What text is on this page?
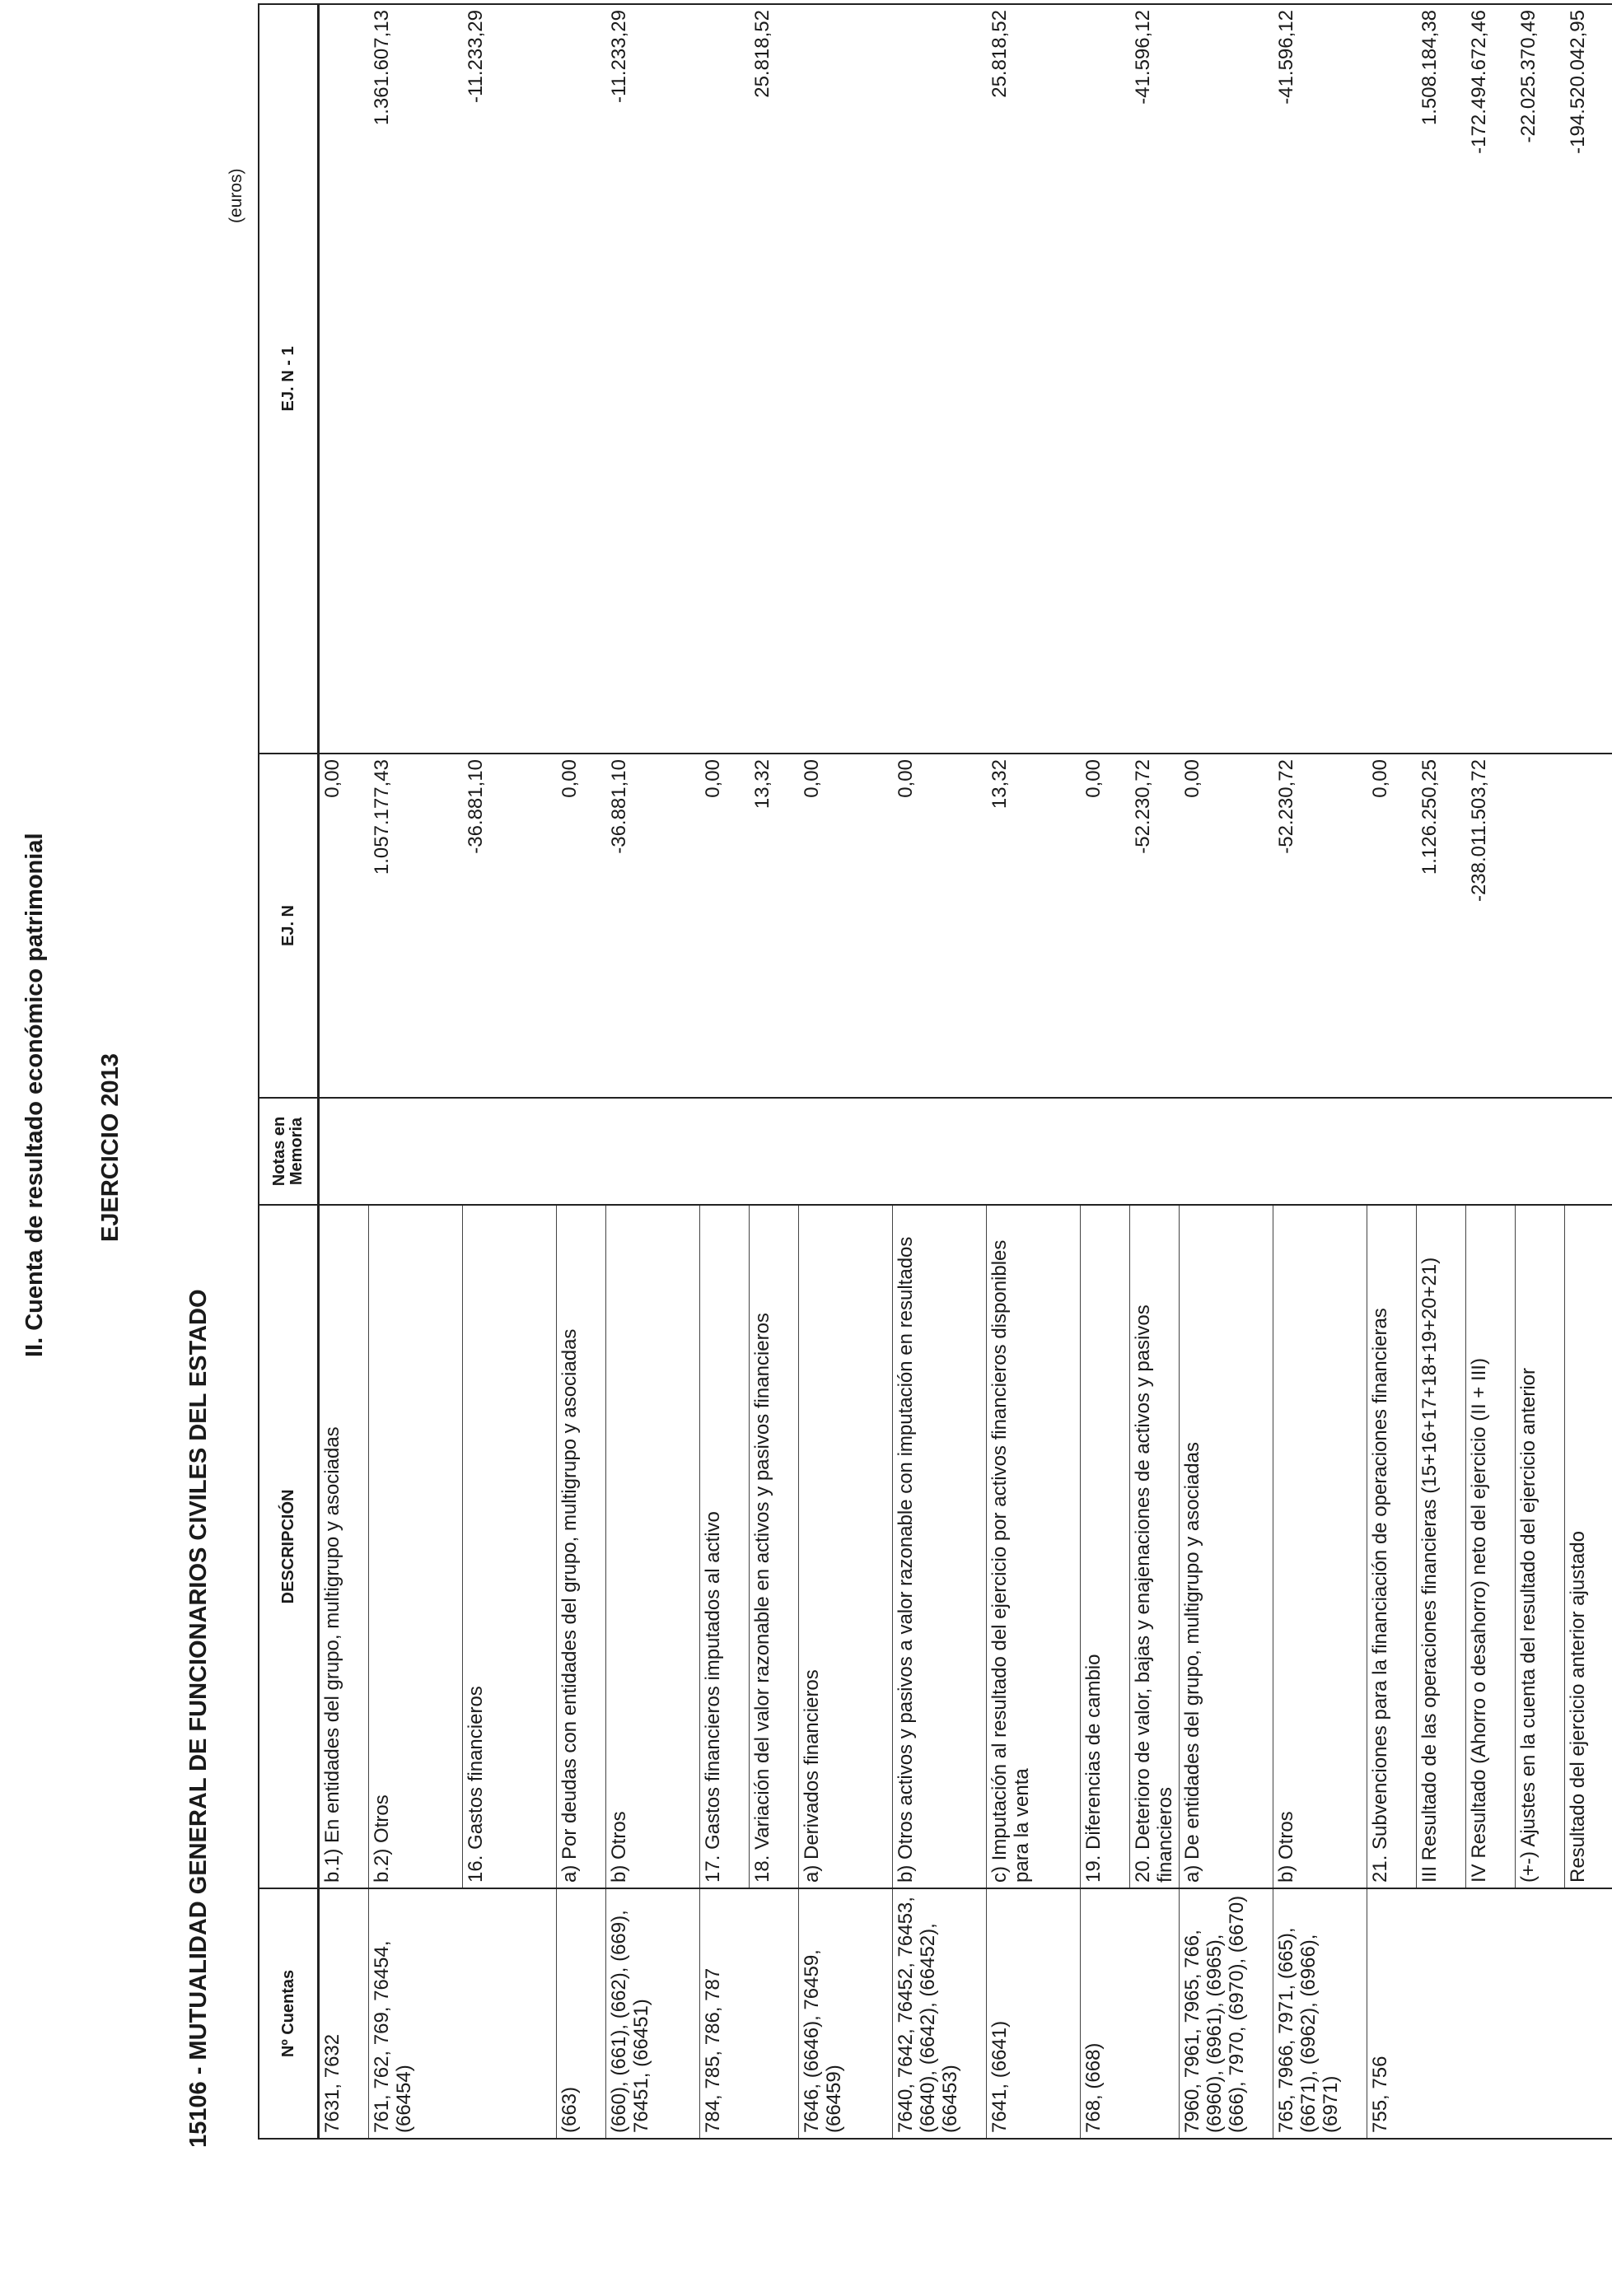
II. Cuenta de resultado económico patrimonial EJERCICIO 2013
15106 - MUTUALIDAD GENERAL DE FUNCIONARIOS CIVILES DEL ESTADO
(euros)
Nº Cuentas	DESCRIPCIÓN	Notas en Memoria	EJ. N	EJ. N - 1
7631, 7632	b.1) En entidades del grupo, multigrupo y asociadas		0,00	
761, 762, 769, 76454, (66454)	b.2) Otros		1.057.177,43	1.361.607,13
	16. Gastos financieros		-36.881,10	-11.233,29
(663)	a) Por deudas con entidades del grupo, multigrupo y asociadas		0,00	
(660), (661), (662), (669), 76451, (66451)	b) Otros		-36.881,10	-11.233,29
784, 785, 786, 787	17. Gastos financieros imputados al activo		0,00	
	18. Variación del valor razonable en activos y pasivos financieros		13,32	25.818,52
7646, (6646), 76459, (66459)	a) Derivados financieros		0,00	
7640, 7642, 76452, 76453, (6640), (6642), (66452), (66453)	b) Otros activos y pasivos a valor razonable con imputación en resultados		0,00	
7641, (6641)	c) Imputación al resultado del ejercicio por activos financieros disponibles para la venta		13,32	25.818,52
768, (668)	19. Diferencias de cambio		0,00	
	20. Deterioro de valor, bajas y enajenaciones de activos y pasivos financieros		-52.230,72	-41.596,12
7960, 7961, 7965, 766, (6960), (6961), (6965), (666), 7970, (6970), (6670)	a) De entidades del grupo, multigrupo y asociadas		0,00	
765, 7966, 7971, (665), (6671), (6962), (6966), (6971)	b) Otros		-52.230,72	-41.596,12
755, 756	21. Subvenciones para la financiación de operaciones financieras		0,00	
	III Resultado de las operaciones financieras (15+16+17+18+19+20+21)		1.126.250,25	1.508.184,38
	IV Resultado (Ahorro o desahorro) neto del ejercicio (II + III)		-238.011.503,72	-172.494.672,46
	(+-) Ajustes en la cuenta del resultado del ejercicio anterior			-22.025.370,49
	Resultado del ejercicio anterior ajustado			-194.520.042,95
